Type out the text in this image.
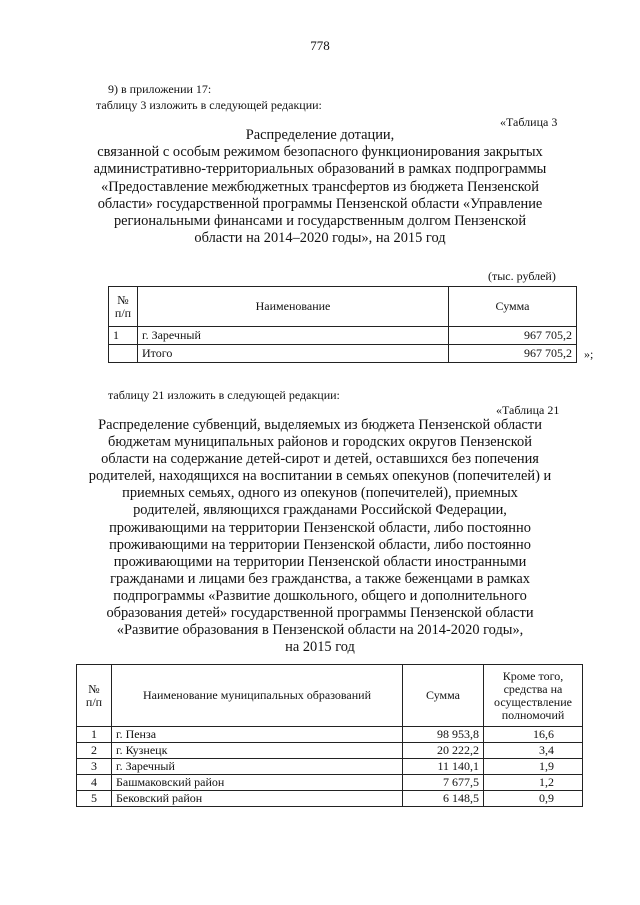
778
9) в приложении 17:
таблицу 3 изложить в следующей редакции:
«Таблица 3
Распределение дотации,
связанной с особым режимом безопасного функционирования закрытых
административно-территориальных образований в рамках подпрограммы
«Предоставление межбюджетных трансфертов из бюджета Пензенской
области» государственной программы Пензенской области «Управление
региональными финансами и государственным долгом Пензенской
области на 2014–2020 годы», на 2015 год
(тыс. рублей)
№
п/п	Наименование	Сумма
1	г. Заречный	967 705,2
	Итого	967 705,2 »;
таблицу 21 изложить в следующей редакции:
«Таблица 21
Распределение субвенций, выделяемых из бюджета Пензенской области
бюджетам муниципальных районов и городских округов Пензенской
области на содержание детей-сирот и детей, оставшихся без попечения
родителей, находящихся на воспитании в семьях опекунов (попечителей) и
приемных семьях, одного из опекунов (попечителей), приемных
родителей, являющихся гражданами Российской Федерации,
проживающими на территории Пензенской области, либо постоянно
проживающими на территории Пензенской области, либо постоянно
проживающими на территории Пензенской области иностранными
гражданами и лицами без гражданства, а также беженцами в рамках
подпрограммы «Развитие дошкольного, общего и дополнительного
образования детей» государственной программы Пензенской области
«Развитие образования в Пензенской области на 2014-2020 годы»,
на 2015 год
№
п/п	Наименование муниципальных образований	Сумма	Кроме того,
средства на
осуществление
полномочий
1	г. Пенза	98 953,8	16,6
2	г. Кузнецк	20 222,2	3,4
3	г. Заречный	11 140,1	1,9
4	Башмаковский район	7 677,5	1,2
5	Бековский район	6 148,5	0,9
